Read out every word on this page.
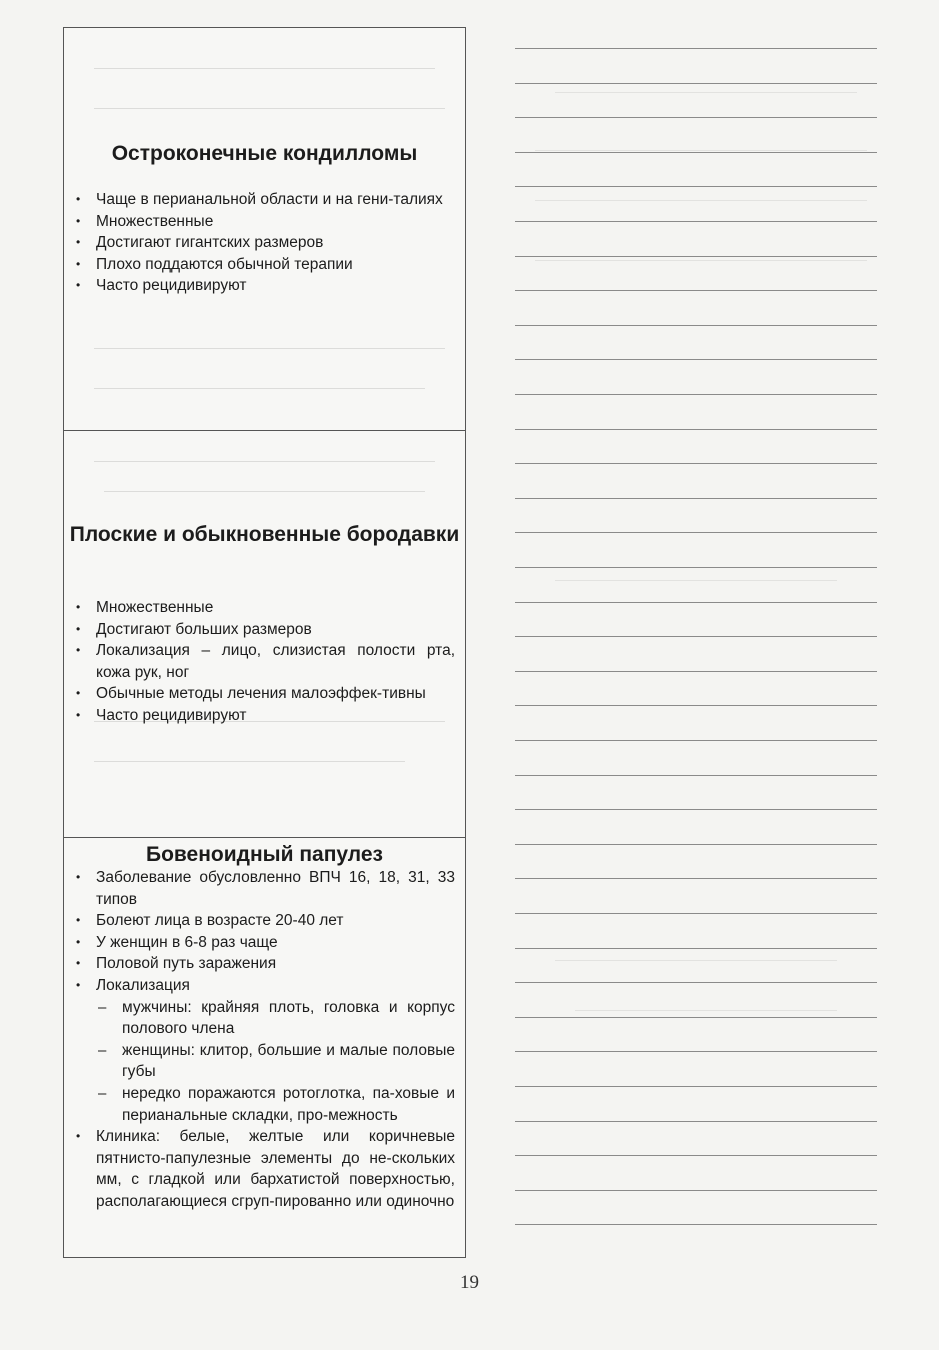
Остроконечные кондилломы
• Чаще в перианальной области и на гени-талиях
• Множественные
• Достигают гигантских размеров
• Плохо поддаются обычной терапии
• Часто рецидивируют
Плоские и обыкновенные бородавки
• Множественные
• Достигают больших размеров
• Локализация – лицо, слизистая полости рта, кожа рук, ног
• Обычные методы лечения малоэффек-тивны
• Часто рецидивируют
Бовеноидный папулез
• Заболевание обусловленно ВПЧ 16, 18, 31, 33 типов
• Болеют лица в возрасте 20-40 лет
• У женщин в 6-8 раз чаще
• Половой путь заражения
• Локализация
– мужчины: крайняя плоть, головка и корпус полового члена
– женщины: клитор, большие и малые половые губы
– нередко поражаются ротоглотка, па-ховые и перианальные складки, про-межность
• Клиника: белые, желтые или коричневые пятнисто-папулезные элементы до не-скольких мм, с гладкой или бархатистой поверхностью, располагающиеся сгруп-пированно или одиночно
19
